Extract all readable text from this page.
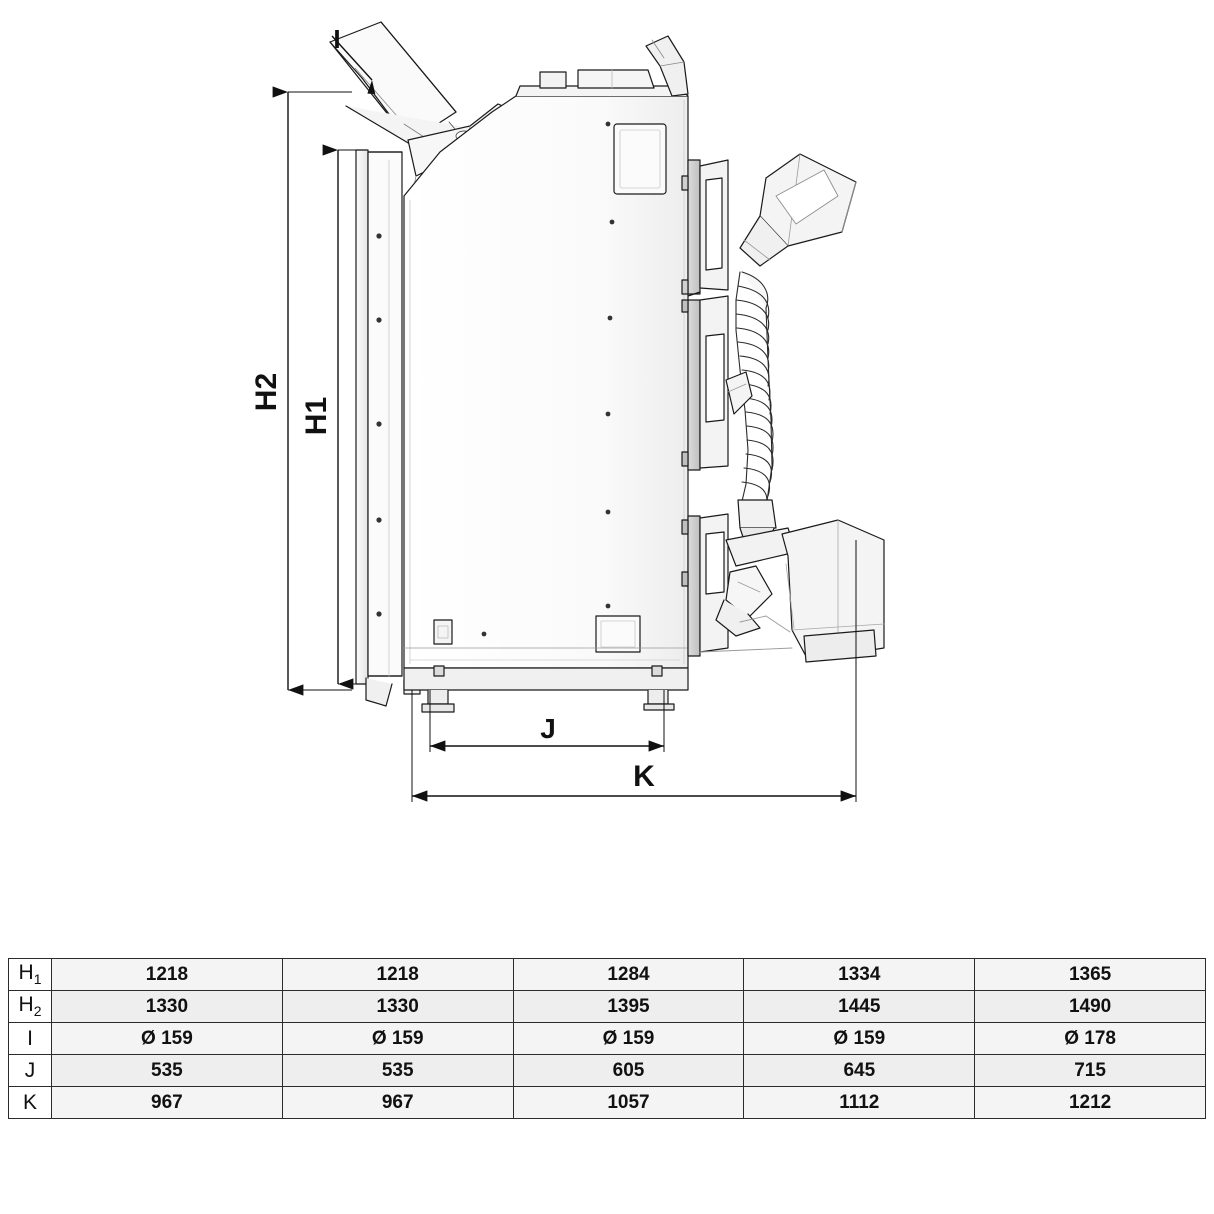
H2
H1
I
J
K
$H_1$	1218	1218	1284	1334	1365
$H_2$	1330	1330	1395	1445	1490
I	Ø 159	Ø 159	Ø 159	Ø 159	Ø 178
J	535	535	605	645	715
K	967	967	1057	1112	1212
